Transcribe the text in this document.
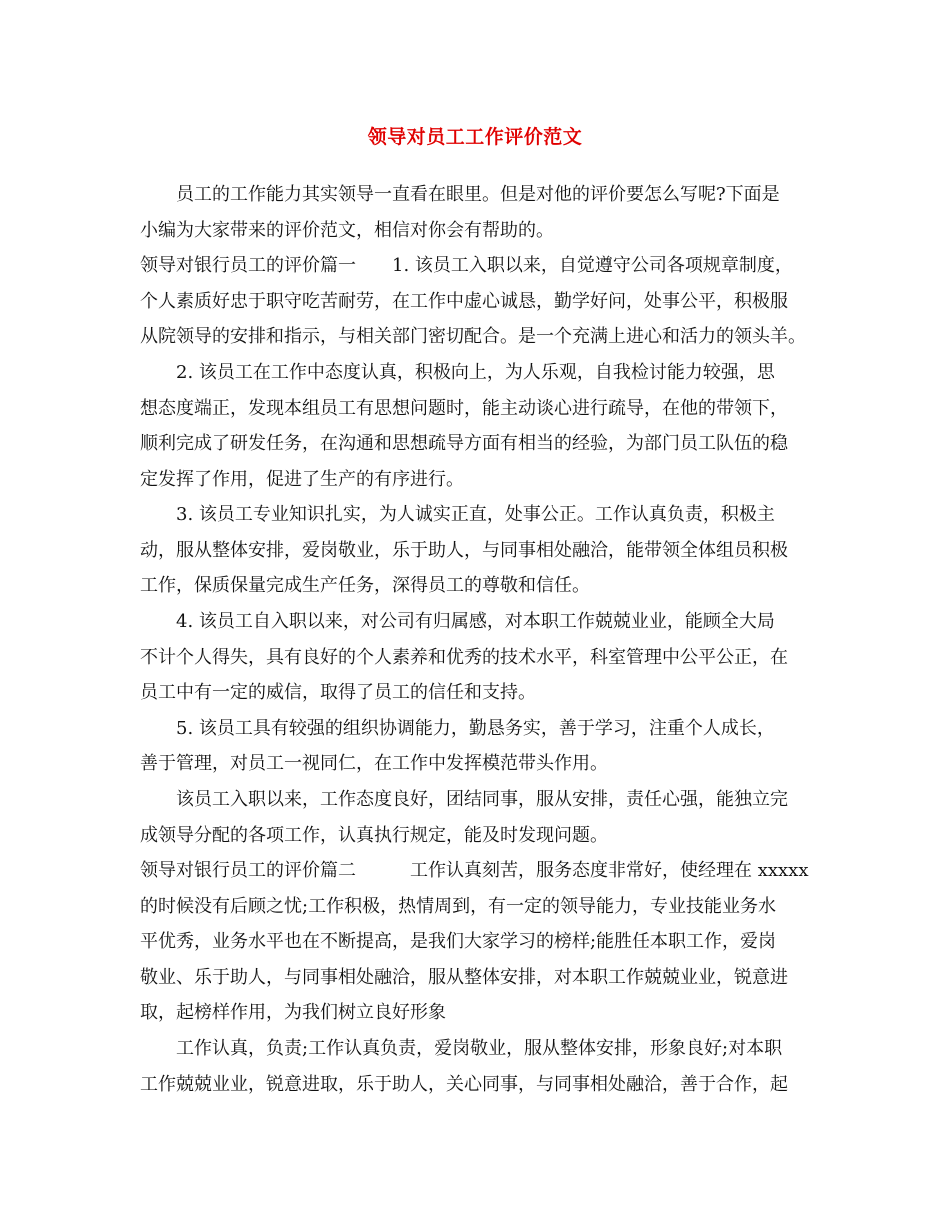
领导对员工工作评价范文
员工的工作能力其实领导一直看在眼里。但是对他的评价要怎么写呢?下面是
小编为大家带来的评价范文，相信对你会有帮助的。
领导对银行员工的评价篇一　　1. 该员工入职以来，自觉遵守公司各项规章制度，
个人素质好忠于职守吃苦耐劳，在工作中虚心诚恳，勤学好问，处事公平，积极服
从院领导的安排和指示，与相关部门密切配合。是一个充满上进心和活力的领头羊。
2. 该员工在工作中态度认真，积极向上，为人乐观，自我检讨能力较强，思
想态度端正，发现本组员工有思想问题时，能主动谈心进行疏导，在他的带领下，
顺利完成了研发任务，在沟通和思想疏导方面有相当的经验，为部门员工队伍的稳
定发挥了作用，促进了生产的有序进行。
3. 该员工专业知识扎实，为人诚实正直，处事公正。工作认真负责，积极主
动，服从整体安排，爱岗敬业，乐于助人，与同事相处融洽，能带领全体组员积极
工作，保质保量完成生产任务，深得员工的尊敬和信任。
4. 该员工自入职以来，对公司有归属感，对本职工作兢兢业业，能顾全大局
不计个人得失，具有良好的个人素养和优秀的技术水平，科室管理中公平公正，在
员工中有一定的威信，取得了员工的信任和支持。
5. 该员工具有较强的组织协调能力，勤恳务实，善于学习，注重个人成长，
善于管理，对员工一视同仁，在工作中发挥模范带头作用。
该员工入职以来，工作态度良好，团结同事，服从安排，责任心强，能独立完
成领导分配的各项工作，认真执行规定，能及时发现问题。
领导对银行员工的评价篇二　　　工作认真刻苦，服务态度非常好，使经理在 xxxxx
的时候没有后顾之忧;工作积极，热情周到，有一定的领导能力，专业技能业务水
平优秀，业务水平也在不断提高，是我们大家学习的榜样;能胜任本职工作，爱岗
敬业、乐于助人，与同事相处融洽，服从整体安排，对本职工作兢兢业业，锐意进
取，起榜样作用，为我们树立良好形象
工作认真，负责;工作认真负责，爱岗敬业，服从整体安排，形象良好;对本职
工作兢兢业业，锐意进取，乐于助人，关心同事，与同事相处融洽，善于合作，起
